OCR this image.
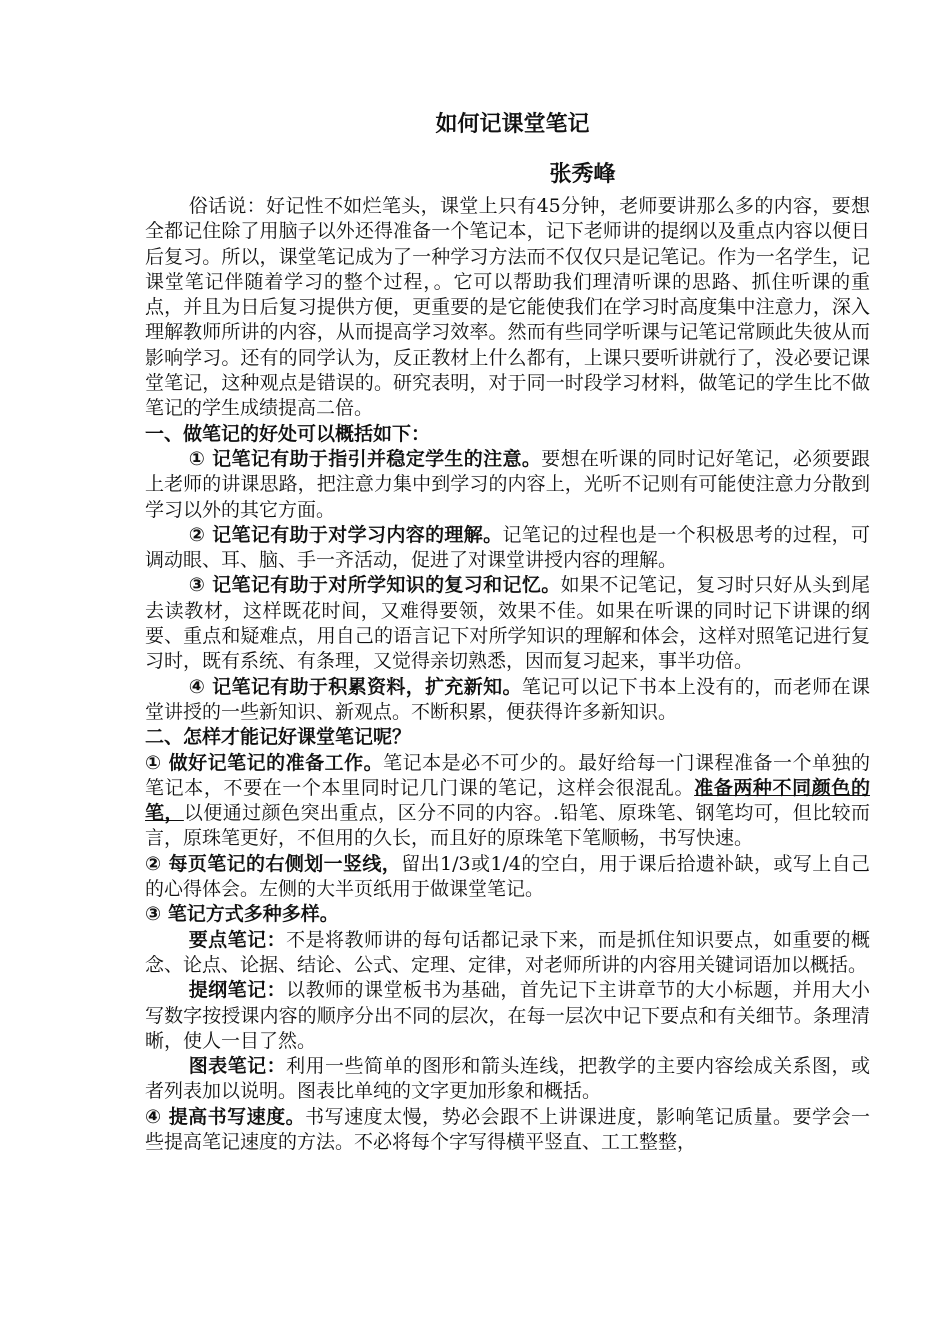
如何记课堂笔记

张秀峰

俗话说：好记性不如烂笔头，课堂上只有45分钟，老师要讲那么多的内容，要想全都记住除了用脑子以外还得准备一个笔记本，记下老师讲的提纲以及重点内容以便日后复习。所以，课堂笔记成为了一种学习方法而不仅仅只是记笔记。作为一名学生，记课堂笔记伴随着学习的整个过程，。它可以帮助我们理清听课的思路、抓住听课的重点，并且为日后复习提供方便，更重要的是它能使我们在学习时高度集中注意力，深入理解教师所讲的内容，从而提高学习效率。然而有些同学听课与记笔记常顾此失彼从而影响学习。还有的同学认为，反正教材上什么都有，上课只要听讲就行了，没必要记课堂笔记，这种观点是错误的。研究表明，对于同一时段学习材料，做笔记的学生比不做笔记的学生成绩提高二倍。

一、做笔记的好处可以概括如下：

① 记笔记有助于指引并稳定学生的注意。要想在听课的同时记好笔记，必须要跟上老师的讲课思路，把注意力集中到学习的内容上，光听不记则有可能使注意力分散到学习以外的其它方面。

② 记笔记有助于对学习内容的理解。记笔记的过程也是一个积极思考的过程，可调动眼、耳、脑、手一齐活动，促进了对课堂讲授内容的理解。

③ 记笔记有助于对所学知识的复习和记忆。如果不记笔记，复习时只好从头到尾去读教材，这样既花时间，又难得要领，效果不佳。如果在听课的同时记下讲课的纲要、重点和疑难点，用自己的语言记下对所学知识的理解和体会，这样对照笔记进行复习时，既有系统、有条理，又觉得亲切熟悉，因而复习起来，事半功倍。

④ 记笔记有助于积累资料，扩充新知。笔记可以记下书本上没有的，而老师在课堂讲授的一些新知识、新观点。不断积累，便获得许多新知识。

二、怎样才能记好课堂笔记呢？

① 做好记笔记的准备工作。笔记本是必不可少的。最好给每一门课程准备一个单独的笔记本，不要在一个本里同时记几门课的笔记，这样会很混乱。准备两种不同颜色的笔，以便通过颜色突出重点，区分不同的内容。.铅笔、原珠笔、钢笔均可，但比较而言，原珠笔更好，不但用的久长，而且好的原珠笔下笔顺畅，书写快速。

② 每页笔记的右侧划一竖线，留出1/3或1/4的空白，用于课后拾遗补缺，或写上自己的心得体会。左侧的大半页纸用于做课堂笔记。

③ 笔记方式多种多样。

要点笔记：不是将教师讲的每句话都记录下来，而是抓住知识要点，如重要的概念、论点、论据、结论、公式、定理、定律，对老师所讲的内容用关键词语加以概括。

提纲笔记：以教师的课堂板书为基础，首先记下主讲章节的大小标题，并用大小写数字按授课内容的顺序分出不同的层次，在每一层次中记下要点和有关细节。条理清晰，使人一目了然。

图表笔记：利用一些简单的图形和箭头连线，把教学的主要内容绘成关系图，或者列表加以说明。图表比单纯的文字更加形象和概括。

④ 提高书写速度。书写速度太慢，势必会跟不上讲课进度，影响笔记质量。要学会一些提高笔记速度的方法。不必将每个字写得横平竖直、工工整整，
